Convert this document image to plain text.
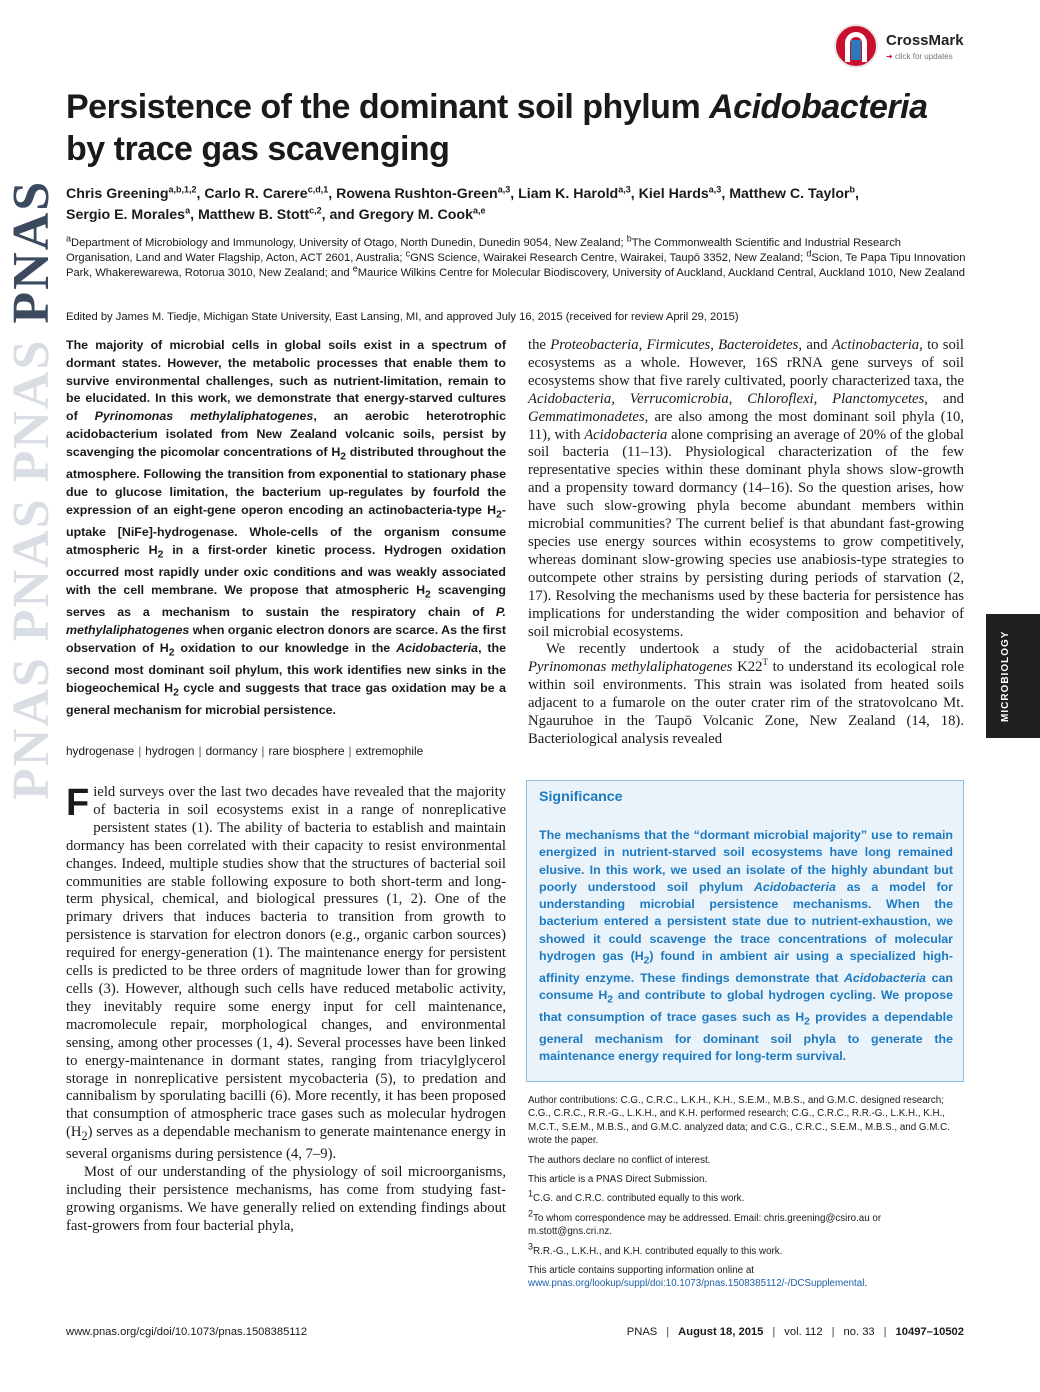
PNAS PNAS PNAS PNAS
CrossMark
➜ click for updates
Persistence of the dominant soil phylum Acidobacteria
by trace gas scavenging
Chris Greening$^{a,b,1,2}$, Carlo R. Carere$^{c,d,1}$, Rowena Rushton-Green$^{a,3}$, Liam K. Harold$^{a,3}$, Kiel Hards$^{a,3}$, Matthew C. Taylor$^b$,
Sergio E. Morales$^a$, Matthew B. Stott$^{c,2}$, and Gregory M. Cook$^{a,e}$
$^a$Department of Microbiology and Immunology, University of Otago, North Dunedin, Dunedin 9054, New Zealand; $^b$The Commonwealth Scientific and Industrial Research Organisation, Land and Water Flagship, Acton, ACT 2601, Australia; $^c$GNS Science, Wairakei Research Centre, Wairakei, Taupō 3352, New Zealand; $^d$Scion, Te Papa Tipu Innovation Park, Whakerewarewa, Rotorua 3010, New Zealand; and $^e$Maurice Wilkins Centre for Molecular Biodiscovery, University of Auckland, Auckland Central, Auckland 1010, New Zealand
Edited by James M. Tiedje, Michigan State University, East Lansing, MI, and approved July 16, 2015 (received for review April 29, 2015)
The majority of microbial cells in global soils exist in a spectrum of dormant states. However, the metabolic processes that enable them to survive environmental challenges, such as nutrient-limitation, remain to be elucidated. In this work, we demonstrate that energy-starved cultures of Pyrinomonas methylaliphatogenes, an aerobic heterotrophic acidobacterium isolated from New Zealand volcanic soils, persist by scavenging the picomolar concentrations of $H_2$ distributed throughout the atmosphere. Following the transition from exponential to stationary phase due to glucose limitation, the bacterium up-regulates by fourfold the expression of an eight-gene operon encoding an actinobacteria-type $H_2$-uptake [NiFe]-hydrogenase. Whole-cells of the organism consume atmospheric $H_2$ in a first-order kinetic process. Hydrogen oxidation occurred most rapidly under oxic conditions and was weakly associated with the cell membrane. We propose that atmospheric $H_2$ scavenging serves as a mechanism to sustain the respiratory chain of P. methylaliphatogenes when organic electron donors are scarce. As the first observation of $H_2$ oxidation to our knowledge in the Acidobacteria, the second most dominant soil phylum, this work identifies new sinks in the biogeochemical $H_2$ cycle and suggests that trace gas oxidation may be a general mechanism for microbial persistence.
hydrogenase | hydrogen | dormancy | rare biosphere | extremophile

Field surveys over the last two decades have revealed that the majority of bacteria in soil ecosystems exist in a range of nonreplicative persistent states (1). The ability of bacteria to establish and maintain dormancy has been correlated with their capacity to resist environmental changes. Indeed, multiple studies show that the structures of bacterial soil communities are stable following exposure to both short-term and long-term physical, chemical, and biological pressures (1, 2). One of the primary drivers that induces bacteria to transition from growth to persistence is starvation for electron donors (e.g., organic carbon sources) required for energy-generation (1). The maintenance energy for persistent cells is predicted to be three orders of magnitude lower than for growing cells (3). However, although such cells have reduced metabolic activity, they inevitably require some energy input for cell maintenance, macromolecule repair, morphological changes, and environmental sensing, among other processes (1, 4). Several processes have been linked to energy-maintenance in dormant states, ranging from triacylglycerol storage in nonreplicative persistent mycobacteria (5), to predation and cannibalism by sporulating bacilli (6). More recently, it has been proposed that consumption of atmospheric trace gases such as molecular hydrogen $(H_2)$ serves as a dependable mechanism to generate maintenance energy in several organisms during persistence (4, 7–9).

Most of our understanding of the physiology of soil microorganisms, including their persistence mechanisms, has come from studying fast-growing organisms. We have generally relied on extending findings about fast-growers from four bacterial phyla,

the Proteobacteria, Firmicutes, Bacteroidetes, and Actinobacteria, to soil ecosystems as a whole. However, 16S rRNA gene surveys of soil ecosystems show that five rarely cultivated, poorly characterized taxa, the Acidobacteria, Verrucomicrobia, Chloroflexi, Planctomycetes, and Gemmatimonadetes, are also among the most dominant soil phyla (10, 11), with Acidobacteria alone comprising an average of 20% of the global soil bacteria (11–13). Physiological characterization of the few representative species within these dominant phyla shows slow-growth and a propensity toward dormancy (14–16). So the question arises, how have such slow-growing phyla become abundant members within microbial communities? The current belief is that abundant fast-growing species use energy sources within ecosystems to grow competitively, whereas dominant slow-growing species use anabiosis-type strategies to outcompete other strains by persisting during periods of starvation (2, 17). Resolving the mechanisms used by these bacteria for persistence has implications for understanding the wider composition and behavior of soil microbial ecosystems.

We recently undertook a study of the acidobacterial strain Pyrinomonas methylaliphatogenes $K22^T$ to understand its ecological role within soil environments. This strain was isolated from heated soils adjacent to a fumarole on the outer crater rim of the stratovolcano Mt. Ngauruhoe in the Taupō Volcanic Zone, New Zealand (14, 18). Bacteriological analysis revealed

Significance
The mechanisms that the “dormant microbial majority” use to remain energized in nutrient-starved soil ecosystems have long remained elusive. In this work, we used an isolate of the highly abundant but poorly understood soil phylum Acidobacteria as a model for understanding microbial persistence mechanisms. When the bacterium entered a persistent state due to nutrient-exhaustion, we showed it could scavenge the trace concentrations of molecular hydrogen gas $(H_2)$ found in ambient air using a specialized high-affinity enzyme. These findings demonstrate that Acidobacteria can consume $H_2$ and contribute to global hydrogen cycling. We propose that consumption of trace gases such as $H_2$ provides a dependable general mechanism for dominant soil phyla to generate the maintenance energy required for long-term survival.

Author contributions: C.G., C.R.C., L.K.H., K.H., S.E.M., M.B.S., and G.M.C. designed research; C.G., C.R.C., R.R.-G., L.K.H., and K.H. performed research; C.G., C.R.C., R.R.-G., L.K.H., K.H., M.C.T., S.E.M., M.B.S., and G.M.C. analyzed data; and C.G., C.R.C., S.E.M., M.B.S., and G.M.C. wrote the paper.

The authors declare no conflict of interest.

This article is a PNAS Direct Submission.

$^1$C.G. and C.R.C. contributed equally to this work.

$^2$To whom correspondence may be addressed. Email: chris.greening@csiro.au or m.stott@gns.cri.nz.

$^3$R.R.-G., L.K.H., and K.H. contributed equally to this work.

This article contains supporting information online at www.pnas.org/lookup/suppl/doi:10.1073/pnas.1508385112/-/DCSupplemental.

MICROBIOLOGY
www.pnas.org/cgi/doi/10.1073/pnas.1508385112	PNAS | August 18, 2015 | vol. 112 | no. 33 | 10497–10502
